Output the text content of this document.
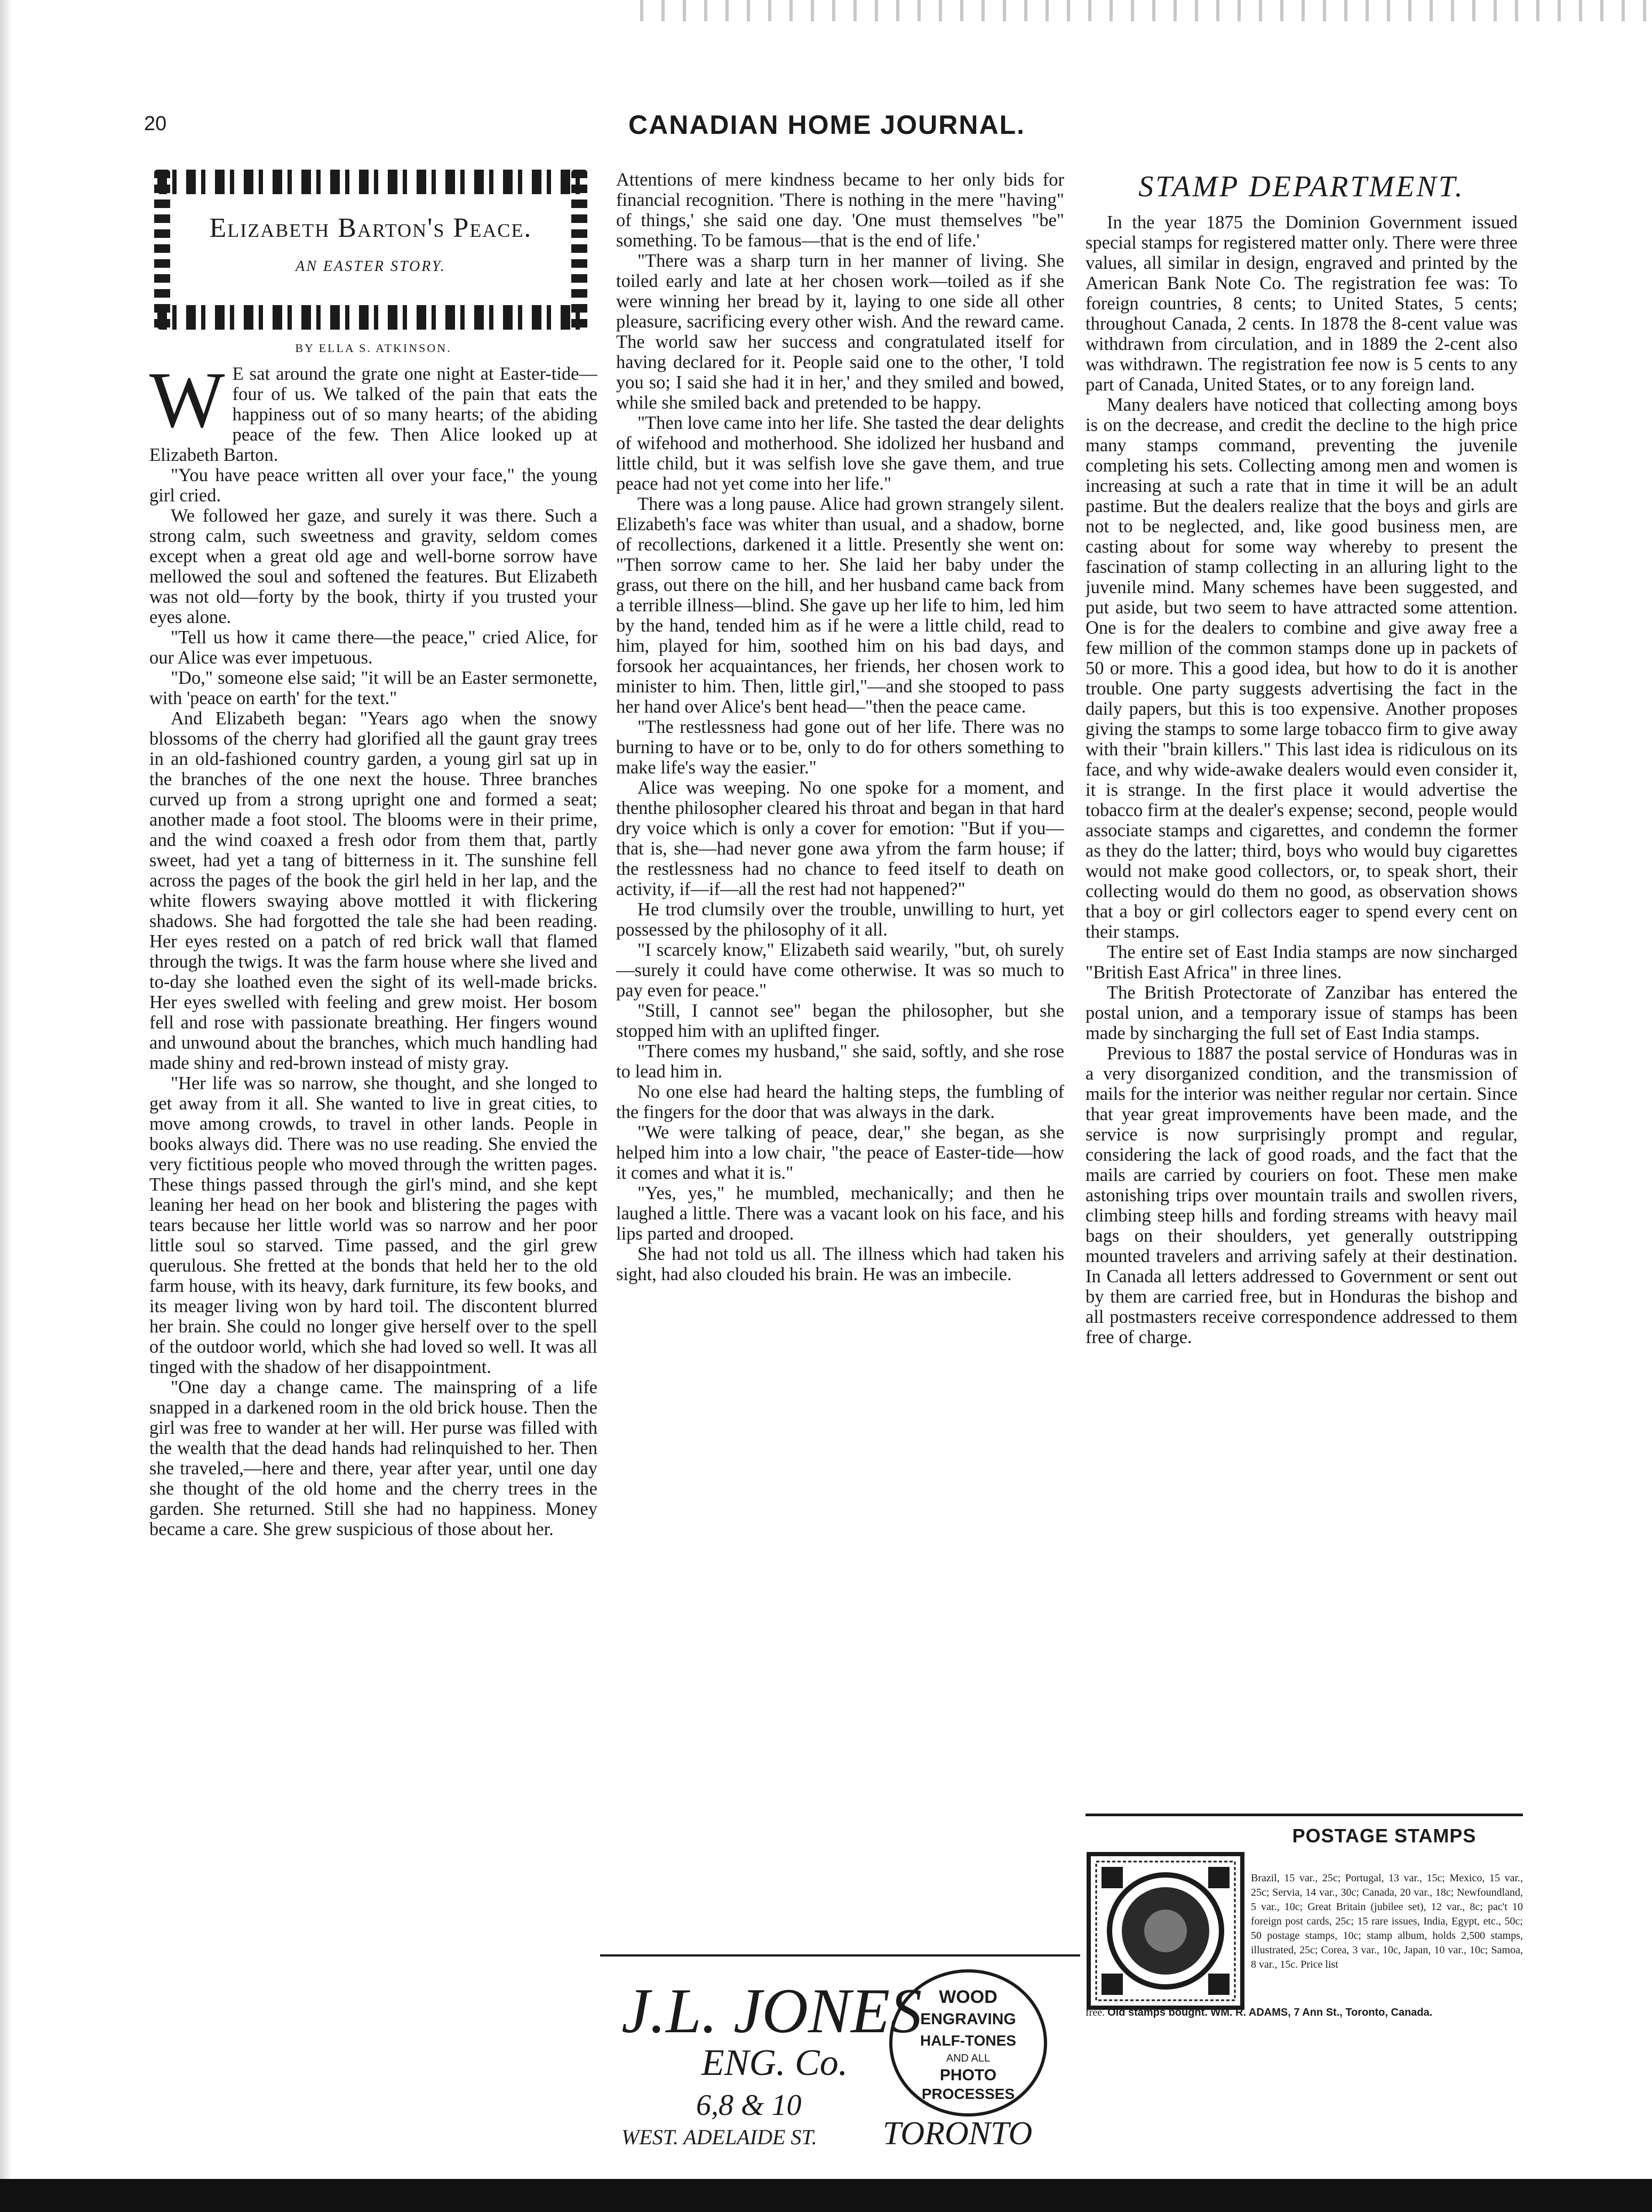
20	CANADIAN HOME JOURNAL.
Elizabeth Barton's Peace.
AN EASTER STORY.
BY ELLA S. ATKINSON.

W E sat around the grate one night at Easter-tide—four of us. We talked of the pain that eats the happiness out of so many hearts; of the abiding peace of the few. Then Alice looked up at Elizabeth Barton.

"You have peace written all over your face," the young girl cried.

We followed her gaze, and surely it was there. Such a strong calm, such sweetness and gravity, seldom comes except when a great old age and well-borne sorrow have mellowed the soul and softened the features. But Elizabeth was not old—forty by the book, thirty if you trusted your eyes alone.

"Tell us how it came there—the peace," cried Alice, for our Alice was ever impetuous.

"Do," someone else said; "it will be an Easter sermonette, with 'peace on earth' for the text."

And Elizabeth began: "Years ago when the snowy blossoms of the cherry had glorified all the gaunt gray trees in an old-fashioned country garden, a young girl sat up in the branches of the one next the house. Three branches curved up from a strong upright one and formed a seat; another made a foot stool. The blooms were in their prime, and the wind coaxed a fresh odor from them that, partly sweet, had yet a tang of bitterness in it. The sunshine fell across the pages of the book the girl held in her lap, and the white flowers swaying above mottled it with flickering shadows. She had forgotted the tale she had been reading. Her eyes rested on a patch of red brick wall that flamed through the twigs. It was the farm house where she lived and to-day she loathed even the sight of its well-made bricks. Her eyes swelled with feeling and grew moist. Her bosom fell and rose with passionate breathing. Her fingers wound and unwound about the branches, which much handling had made shiny and red-brown instead of misty gray.

"Her life was so narrow, she thought, and she longed to get away from it all. She wanted to live in great cities, to move among crowds, to travel in other lands. People in books always did. There was no use reading. She envied the very fictitious people who moved through the written pages. These things passed through the girl's mind, and she kept leaning her head on her book and blistering the pages with tears because her little world was so narrow and her poor little soul so starved. Time passed, and the girl grew querulous. She fretted at the bonds that held her to the old farm house, with its heavy, dark furniture, its few books, and its meager living won by hard toil. The discontent blurred her brain. She could no longer give herself over to the spell of the outdoor world, which she had loved so well. It was all tinged with the shadow of her disappointment.

"One day a change came. The mainspring of a life snapped in a darkened room in the old brick house. Then the girl was free to wander at her will. Her purse was filled with the wealth that the dead hands had relinquished to her. Then she traveled,—here and there, year after year, until one day she thought of the old home and the cherry trees in the garden. She returned. Still she had no happiness. Money became a care. She grew suspicious of those about her.

Attentions of mere kindness became to her only bids for financial recognition. 'There is nothing in the mere "having" of things,' she said one day. 'One must themselves "be" something. To be famous—that is the end of life.'

"There was a sharp turn in her manner of living. She toiled early and late at her chosen work—toiled as if she were winning her bread by it, laying to one side all other pleasure, sacrificing every other wish. And the reward came. The world saw her success and congratulated itself for having declared for it. People said one to the other, 'I told you so; I said she had it in her,' and they smiled and bowed, while she smiled back and pretended to be happy.

"Then love came into her life. She tasted the dear delights of wifehood and motherhood. She idolized her husband and little child, but it was selfish love she gave them, and true peace had not yet come into her life."

There was a long pause. Alice had grown strangely silent. Elizabeth's face was whiter than usual, and a shadow, borne of recollections, darkened it a little. Presently she went on: "Then sorrow came to her. She laid her baby under the grass, out there on the hill, and her husband came back from a terrible illness—blind. She gave up her life to him, led him by the hand, tended him as if he were a little child, read to him, played for him, soothed him on his bad days, and forsook her acquaintances, her friends, her chosen work to minister to him. Then, little girl,"—and she stooped to pass her hand over Alice's bent head—"then the peace came.

"The restlessness had gone out of her life. There was no burning to have or to be, only to do for others something to make life's way the easier."

Alice was weeping. No one spoke for a moment, and thenthe philosopher cleared his throat and began in that hard dry voice which is only a cover for emotion: "But if you—that is, she—had never gone awa yfrom the farm house; if the restlessness had no chance to feed itself to death on activity, if—if—all the rest had not happened?"

He trod clumsily over the trouble, unwilling to hurt, yet possessed by the philosophy of it all.

"I scarcely know," Elizabeth said wearily, "but, oh surely—surely it could have come otherwise. It was so much to pay even for peace."

"Still, I cannot see" began the philosopher, but she stopped him with an uplifted finger.

"There comes my husband," she said, softly, and she rose to lead him in.

No one else had heard the halting steps, the fumbling of the fingers for the door that was always in the dark.

"We were talking of peace, dear," she began, as she helped him into a low chair, "the peace of Easter-tide—how it comes and what it is."

"Yes, yes," he mumbled, mechanically; and then he laughed a little. There was a vacant look on his face, and his lips parted and drooped.

She had not told us all. The illness which had taken his sight, had also clouded his brain. He was an imbecile.

STAMP DEPARTMENT.

In the year 1875 the Dominion Government issued special stamps for registered matter only. There were three values, all similar in design, engraved and printed by the American Bank Note Co. The registration fee was: To foreign countries, 8 cents; to United States, 5 cents; throughout Canada, 2 cents. In 1878 the 8-cent value was withdrawn from circulation, and in 1889 the 2-cent also was withdrawn. The registration fee now is 5 cents to any part of Canada, United States, or to any foreign land.

Many dealers have noticed that collecting among boys is on the decrease, and credit the decline to the high price many stamps command, preventing the juvenile completing his sets. Collecting among men and women is increasing at such a rate that in time it will be an adult pastime. But the dealers realize that the boys and girls are not to be neglected, and, like good business men, are casting about for some way whereby to present the fascination of stamp collecting in an alluring light to the juvenile mind. Many schemes have been suggested, and put aside, but two seem to have attracted some attention. One is for the dealers to combine and give away free a few million of the common stamps done up in packets of 50 or more. This a good idea, but how to do it is another trouble. One party suggests advertising the fact in the daily papers, but this is too expensive. Another proposes giving the stamps to some large tobacco firm to give away with their "brain killers." This last idea is ridiculous on its face, and why wide-awake dealers would even consider it, it is strange. In the first place it would advertise the tobacco firm at the dealer's expense; second, people would associate stamps and cigarettes, and condemn the former as they do the latter; third, boys who would buy cigarettes would not make good collectors, or, to speak short, their collecting would do them no good, as observation shows that a boy or girl collectors eager to spend every cent on their stamps.

The entire set of East India stamps are now sincharged "British East Africa" in three lines.

The British Protectorate of Zanzibar has entered the postal union, and a temporary issue of stamps has been made by sincharging the full set of East India stamps.

Previous to 1887 the postal service of Honduras was in a very disorganized condition, and the transmission of mails for the interior was neither regular nor certain. Since that year great improvements have been made, and the service is now surprisingly prompt and regular, considering the lack of good roads, and the fact that the mails are carried by couriers on foot. These men make astonishing trips over mountain trails and swollen rivers, climbing steep hills and fording streams with heavy mail bags on their shoulders, yet generally outstripping mounted travelers and arriving safely at their destination. In Canada all letters addressed to Government or sent out by them are carried free, but in Honduras the bishop and all postmasters receive correspondence addressed to them free of charge.

J.L. JONES
ENG. Co.
6,8 & 10
WEST. ADELAIDE ST.
WOOD
ENGRAVING
HALF-TONES
AND ALL
PHOTO
PROCESSES
TORONTO
POSTAGE STAMPS
Brazil, 15 var., 25c; Portugal, 13 var., 15c; Mexico, 15 var., 25c; Servia, 14 var., 30c; Canada, 20 var., 18c; Newfoundland, 5 var., 10c; Great Britain (jubilee set), 12 var., 8c; pac't 10 foreign post cards, 25c; 15 rare issues, India, Egypt, etc., 50c; 50 postage stamps, 10c; stamp album, holds 2,500 stamps, illustrated, 25c; Corea, 3 var., 10c, Japan, 10 var., 10c; Samoa, 8 var., 15c. Price list
free. Old stamps bought. WM. R. ADAMS, 7 Ann St., Toronto, Canada.
